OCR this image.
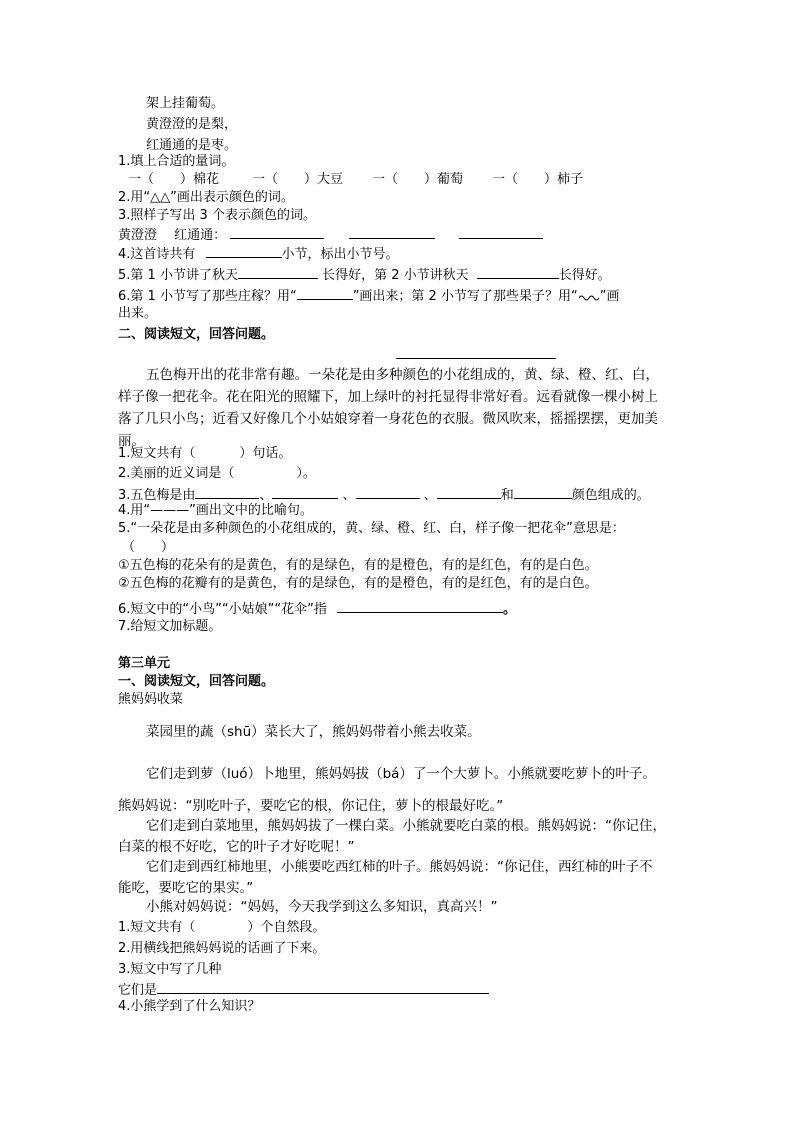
架上挂葡萄。
黄澄澄的是梨，
红通通的是枣。
1.填上合适的量词。
一（　　）棉花	一（　　）大豆 一（　　）葡萄 一（　　）柿子
2.用“△△”画出表示颜色的词。
3.照样子写出 3 个表示颜色的词。
黄澄澄　 红通通：
4.这首诗共有	小节，标出小节号。
5.第 1 小节讲了秋天	长得好，第 2 小节讲秋天	长得好。
6.第 1 小节写了那些庄稼？用“	”画出来；第 2 小节写了那些果子？用“ ”画
出来。
二、阅读短文，回答问题。

五色梅开出的花非常有趣。一朵花是由多种颜色的小花组成的，黄、绿、橙、红、白，

样子像一把花伞。花在阳光的照耀下，加上绿叶的衬托显得非常好看。远看就像一棵小树上

落了几只小鸟；近看又好像几个小姑娘穿着一身花色的衣服。微风吹来，摇摇摆摆，更加美

丽。

1.短文共有（	）句话。
2.美丽的近义词是（	）。
3.五色梅是由	、	、	、	和	颜色组成的。
4.用“———”画出文中的比喻句。
5.“一朵花是由多种颜色的小花组成的，黄、绿、橙、红、白，样子像一把花伞”意思是：
（　　）
①五色梅的花朵有的是黄色，有的是绿色，有的是橙色，有的是红色，有的是白色。
②五色梅的花瓣有的是黄色，有的是绿色，有的是橙色，有的是红色，有的是白色。
6.短文中的“小鸟”“小姑娘”“花伞”指	。
7.给短文加标题。
第三单元
一、阅读短文，回答问题。
熊妈妈收菜
菜园里的蔬（shū）菜长大了，熊妈妈带着小熊去收菜。
它们走到萝（luó）卜地里，熊妈妈拔（bá）了一个大萝卜。小熊就要吃萝卜的叶子。
熊妈妈说：“别吃叶子，要吃它的根，你记住，萝卜的根最好吃。”

它们走到白菜地里，熊妈妈拔了一棵白菜。小熊就要吃白菜的根。熊妈妈说：“你记住，

白菜的根不好吃，它的叶子才好吃呢！”

它们走到西红柿地里，小熊要吃西红柿的叶子。熊妈妈说：“你记住，西红柿的叶子不

能吃，要吃它的果实。”

小熊对妈妈说：“妈妈，今天我学到这么多知识，真高兴！”
1.短文共有（	）个自然段。
2.用横线把熊妈妈说的话画了下来。
3.短文中写了几种
它们是
4.小熊学到了什么知识？
